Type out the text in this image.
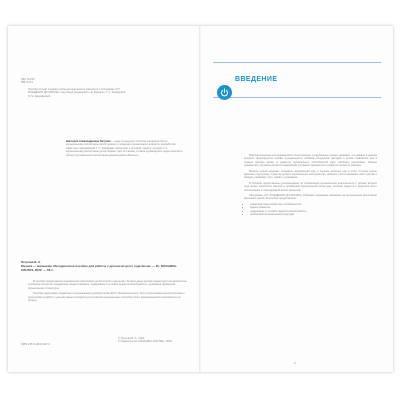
УДК 74.100
ББК 373.2
Пособие входит в рамки учебно-методического комплекта к программе «ОТ РОЖДЕНИЯ ДО ШКОЛЫ» под общей редакцией Н. Е. Вераксы, Т. С. Комаровой, Э. М. Дорофеевой.
Виктория Александровна Петрова — один из ведущих в России специалистов по музыкальному воспитанию детей раннего и младшего дошкольного возраста, разработчик известных направлений Т. С. Бабаджан. Автор книг и пособий, педагог, методист по музыкальному воспитанию детей первых трёх лет жизни, а также руководитель ряда проектов в области музыкального воспитания дошкольников «Малыш».
Петрова В. А.
Музыка — малышам. Методическое пособие для работы с детьми второго года жизни. — М.: МОЗАИКА-СИНТЕЗ, 2022. — 56 с.

В пособии представлено музыкальное воспитание детей второго года жизни. В книге даны краткие характеристики возрастных особенностей детей, определены задачи развития, содержание и условия педагогической работы, приведена примерная музыкальная литература.

Пособие адресовано педагогам и музыкальным руководителям ДОО. Материалы могут быть использованы воспитателями и родителями в работе с детьми раннего возраста для развития музыкальных способностей и эмоциональной отзывчивости на музыку.

ISBN 978-5-4315-1947-0
© Петрова В. А., 2022
© Издательство «МОЗАИКА-СИНТЕЗ», 2022
ВВЕДЕНИЕ

Многочисленными исследованиями отечественных и зарубежных учёных доказано, что именно в раннем возрасте формируются основы музыкальности ребёнка. Ощущение мелодии и ритма появляется уже в первые месяцы жизни, а развитие музыкальных способностей идёт особенно интенсивно. Раннее знакомство с музыкой является важнейшим условием гармоничного развития личности ребёнка.

Малыш только начинает познавать окружающий мир, и музыка помогает ему в этом. Слушая песни, двигаясь под музыку, играя на детских музыкальных инструментах, ребёнок учится выражать свои чувства и эмоции, развивает слух, память и внимание.

В пособии представлены рекомендации по организации музыкальной деятельности с детьми второго года жизни, конспекты занятий и примерный музыкальный репертуар, который педагоги и родители могут использовать в повседневной жизни малышей.

Программа «ОТ РОЖДЕНИЯ ДО ШКОЛЫ» обращает серьёзное внимание на музыкальное воспитание маленьких детей. В пособии представлено:

• характеристика возрастных особенностей;
• задачи развития;
• содержание и условия педагогической работы;
• примерный музыкальный репертуар.
3
